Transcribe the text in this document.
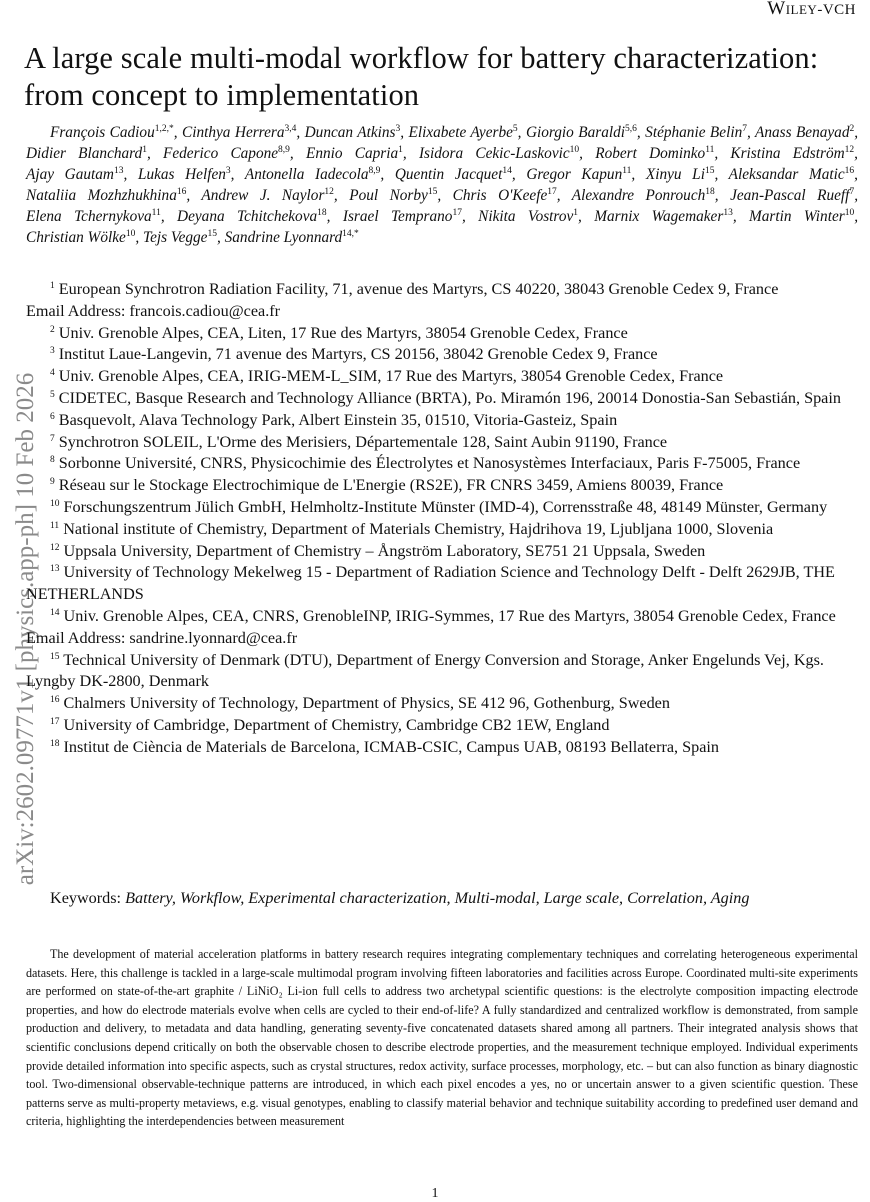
Wiley-VCH
arXiv:2602.09771v1 [physics.app-ph] 10 Feb 2026
A large scale multi-modal workflow for battery characterization: from concept to implementation

François Cadiou$^{1,2,*}$, Cinthya Herrera$^{3,4}$, Duncan Atkins$^3$, Elixabete Ayerbe$^5$, Giorgio Baraldi$^{5,6}$, Stéphanie Belin$^7$, Anass Benayad$^2$, Didier Blanchard$^1$, Federico Capone$^{8,9}$, Ennio Capria$^1$, Isidora Cekic-Laskovic$^{10}$, Robert Dominko$^{11}$, Kristina Edström$^{12}$, Ajay Gautam$^{13}$, Lukas Helfen$^3$, Antonella Iadecola$^{8,9}$, Quentin Jacquet$^{14}$, Gregor Kapun$^{11}$, Xinyu Li$^{15}$, Aleksandar Matic$^{16}$, Nataliia Mozhzhukhina$^{16}$, Andrew J. Naylor$^{12}$, Poul Norby$^{15}$, Chris O'Keefe$^{17}$, Alexandre Ponrouch$^{18}$, Jean-Pascal Rueff$^7$, Elena Tchernykova$^{11}$, Deyana Tchitchekova$^{18}$, Israel Temprano$^{17}$, Nikita Vostrov$^1$, Marnix Wagemaker$^{13}$, Martin Winter$^{10}$, Christian Wölke$^{10}$, Tejs Vegge$^{15}$, Sandrine Lyonnard$^{14,*}$

$^1$ European Synchrotron Radiation Facility, 71, avenue des Martyrs, CS 40220, 38043 Grenoble Cedex 9, France

Email Address: francois.cadiou@cea.fr

$^2$ Univ. Grenoble Alpes, CEA, Liten, 17 Rue des Martyrs, 38054 Grenoble Cedex, France

$^3$ Institut Laue-Langevin, 71 avenue des Martyrs, CS 20156, 38042 Grenoble Cedex 9, France

$^4$ Univ. Grenoble Alpes, CEA, IRIG-MEM-L_SIM, 17 Rue des Martyrs, 38054 Grenoble Cedex, France

$^5$ CIDETEC, Basque Research and Technology Alliance (BRTA), Po. Miramón 196, 20014 Donostia-San Sebastián, Spain

$^6$ Basquevolt, Alava Technology Park, Albert Einstein 35, 01510, Vitoria-Gasteiz, Spain

$^7$ Synchrotron SOLEIL, L'Orme des Merisiers, Départementale 128, Saint Aubin 91190, France

$^8$ Sorbonne Université, CNRS, Physicochimie des Électrolytes et Nanosystèmes Interfaciaux, Paris F-75005, France

$^9$ Réseau sur le Stockage Electrochimique de L'Energie (RS2E), FR CNRS 3459, Amiens 80039, France

$^{10}$ Forschungszentrum Jülich GmbH, Helmholtz-Institute Münster (IMD-4), Corrensstraße 48, 48149 Münster, Germany

$^{11}$ National institute of Chemistry, Department of Materials Chemistry, Hajdrihova 19, Ljubljana 1000, Slovenia

$^{12}$ Uppsala University, Department of Chemistry – Ångström Laboratory, SE751 21 Uppsala, Sweden

$^{13}$ University of Technology Mekelweg 15 - Department of Radiation Science and Technology Delft - Delft 2629JB, THE NETHERLANDS

$^{14}$ Univ. Grenoble Alpes, CEA, CNRS, GrenobleINP, IRIG-Symmes, 17 Rue des Martyrs, 38054 Grenoble Cedex, France

Email Address: sandrine.lyonnard@cea.fr

$^{15}$ Technical University of Denmark (DTU), Department of Energy Conversion and Storage, Anker Engelunds Vej, Kgs. Lyngby DK-2800, Denmark

$^{16}$ Chalmers University of Technology, Department of Physics, SE 412 96, Gothenburg, Sweden

$^{17}$ University of Cambridge, Department of Chemistry, Cambridge CB2 1EW, England

$^{18}$ Institut de Ciència de Materials de Barcelona, ICMAB-CSIC, Campus UAB, 08193 Bellaterra, Spain

Keywords: Battery, Workflow, Experimental characterization, Multi-modal, Large scale, Correlation, Aging

The development of material acceleration platforms in battery research requires integrating complementary techniques and correlating heterogeneous experimental datasets. Here, this challenge is tackled in a large-scale multimodal program involving fifteen laboratories and facilities across Europe. Coordinated multi-site experiments are performed on state-of-the-art graphite / LiNiO₂ Li-ion full cells to address two archetypal scientific questions: is the electrolyte composition impacting electrode properties, and how do electrode materials evolve when cells are cycled to their end-of-life? A fully standardized and centralized workflow is demonstrated, from sample production and delivery, to metadata and data handling, generating seventy-five concatenated datasets shared among all partners. Their integrated analysis shows that scientific conclusions depend critically on both the observable chosen to describe electrode properties, and the measurement technique employed. Individual experiments provide detailed information into specific aspects, such as crystal structures, redox activity, surface processes, morphology, etc. – but can also function as binary diagnostic tool. Two-dimensional observable-technique patterns are introduced, in which each pixel encodes a yes, no or uncertain answer to a given scientific question. These patterns serve as multi-property metaviews, e.g. visual genotypes, enabling to classify material behavior and technique suitability according to predefined user demand and criteria, highlighting the interdependencies between measurement

1
